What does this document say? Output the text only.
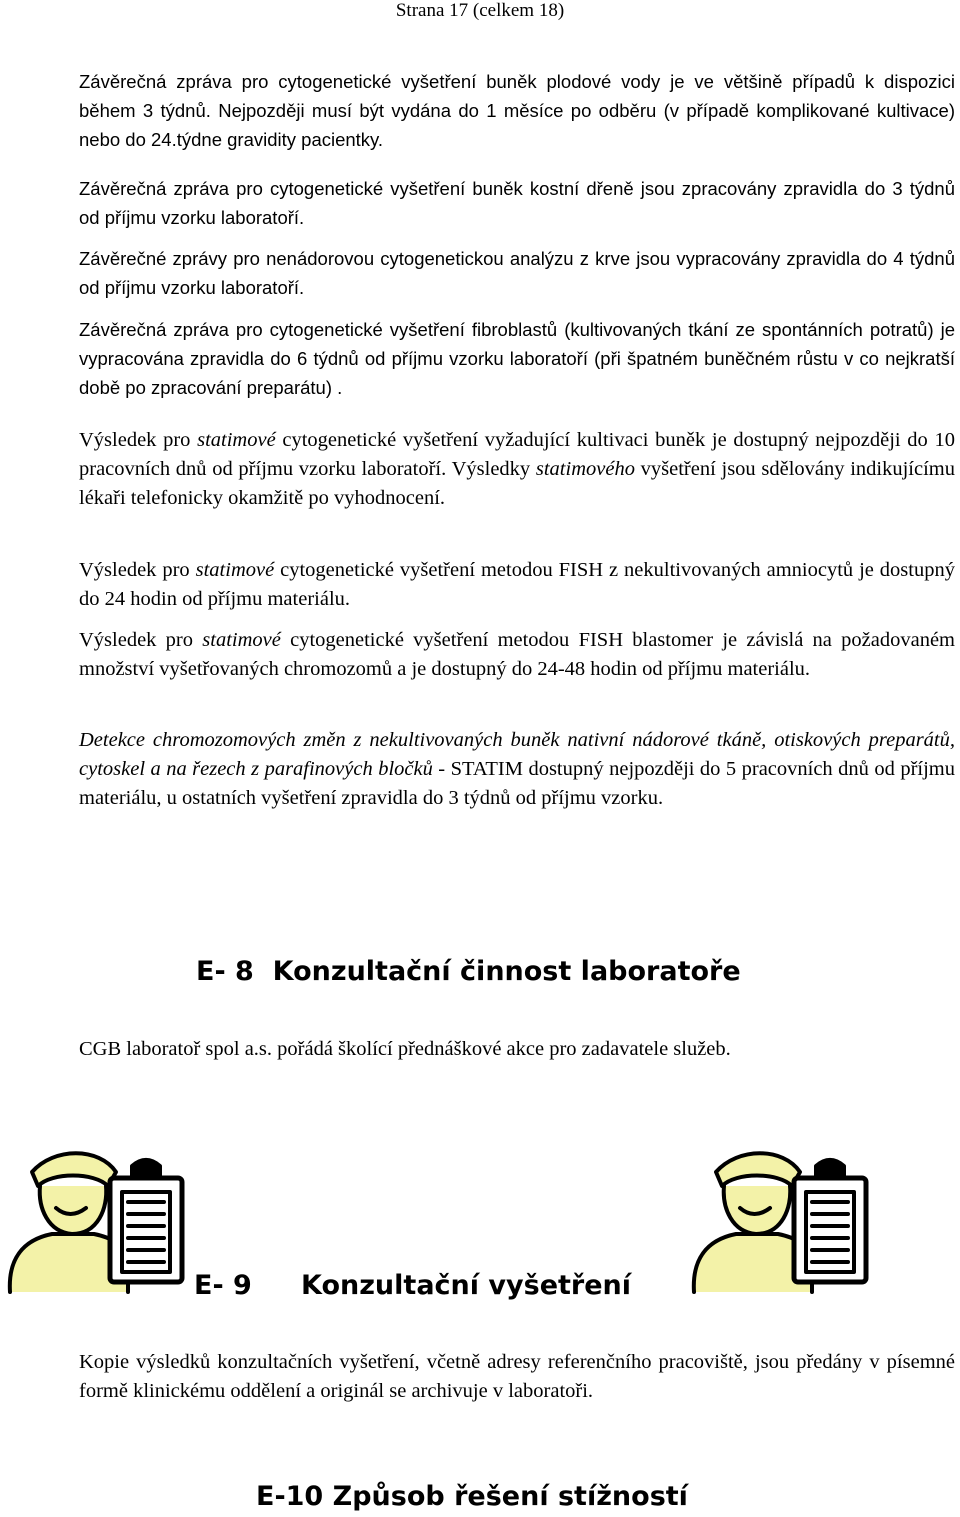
Strana 17 (celkem 18)

Závěrečná zpráva pro cytogenetické vyšetření buněk plodové vody je ve většině případů k dispozici během 3 týdnů. Nejpozději musí být vydána do 1 měsíce po odběru (v případě komplikované kultivace) nebo do 24.týdne gravidity pacientky.

Závěrečná zpráva pro cytogenetické vyšetření buněk kostní dřeně jsou zpracovány zpravidla do 3 týdnů od příjmu vzorku laboratoří.

Závěrečné zprávy pro nenádorovou cytogenetickou analýzu z krve jsou vypracovány zpravidla do 4 týdnů od příjmu vzorku laboratoří.

Závěrečná zpráva pro cytogenetické vyšetření fibroblastů (kultivovaných tkání ze spontánních potratů) je vypracována zpravidla do 6 týdnů od příjmu vzorku laboratoří (při špatném buněčném růstu v co nejkratší době po zpracování preparátu) .

Výsledek pro statimové cytogenetické vyšetření vyžadující kultivaci buněk je dostupný nejpozději do 10 pracovních dnů od příjmu vzorku laboratoří. Výsledky statimového vyšetření jsou sdělovány indikujícímu lékaři telefonicky okamžitě po vyhodnocení.

Výsledek pro statimové cytogenetické vyšetření metodou FISH z nekultivovaných amniocytů je dostupný do 24 hodin od příjmu materiálu.

Výsledek pro statimové cytogenetické vyšetření metodou FISH blastomer je závislá na požadovaném množství vyšetřovaných chromozomů a je dostupný do 24-48 hodin od příjmu materiálu.

Detekce chromozomových změn z nekultivovaných buněk nativní nádorové tkáně, otiskových preparátů, cytoskel a na řezech z parafinových bločků - STATIM dostupný nejpozději do 5 pracovních dnů od příjmu materiálu, u ostatních vyšetření zpravidla do 3 týdnů od příjmu vzorku.

E- 8  Konzultační činnost laboratoře

CGB laboratoř spol a.s. pořádá školící přednáškové akce pro zadavatele služeb.

E- 9 Konzultační vyšetření

Kopie výsledků konzultačních vyšetření, včetně adresy referenčního pracoviště, jsou předány v písemné formě klinickému oddělení a originál se archivuje v laboratoři.

E-10 Způsob řešení stížností
